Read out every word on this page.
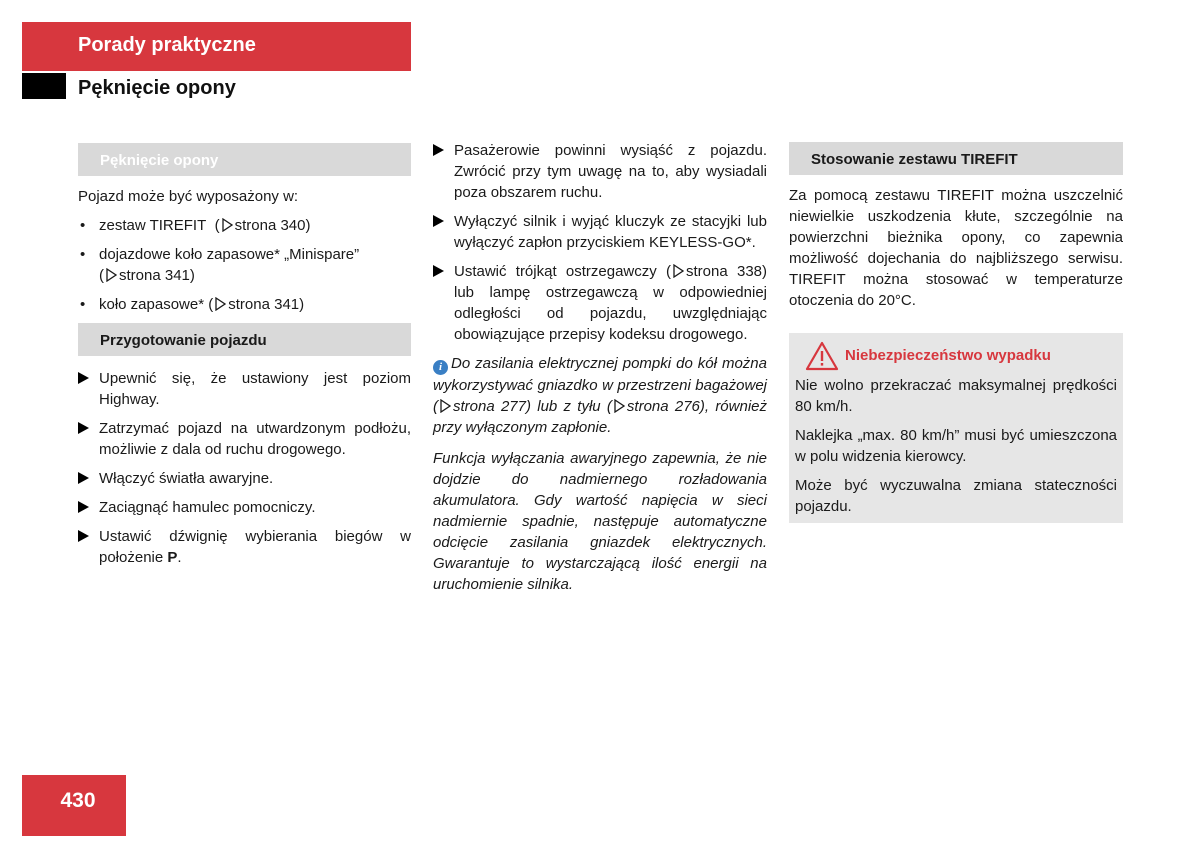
Porady praktyczne
Pęknięcie opony
Pęknięcie opony

Pojazd może być wyposażony w:

• zestaw TIREFIT ( strona 340)
• dojazdowe koło zapasowe* „Minispare”
( strona 341)
• koło zapasowe* ( strona 341)
Przygotowanie pojazdu
Upewnić się, że ustawiony jest poziom Highway.
Zatrzymać pojazd na utwardzonym podłożu, możliwie z dala od ruchu drogowego.
Włączyć światła awaryjne.
Zaciągnąć hamulec pomocniczy.
Ustawić dźwignię wybierania biegów w położenie P.
Pasażerowie powinni wysiąść z pojazdu. Zwrócić przy tym uwagę na to, aby wysiadali poza obszarem ruchu.
Wyłączyć silnik i wyjąć kluczyk ze stacyjki lub wyłączyć zapłon przyciskiem KEYLESS-GO*.
Ustawić trójkąt ostrzegawczy ( strona 338) lub lampę ostrzegawczą w odpowiedniej odległości od pojazdu, uwzględniając obowiązujące przepisy kodeksu drogowego.

i Do zasilania elektrycznej pompki do kół można wykorzystywać gniazdko w przestrzeni bagażowej ( strona 277) lub z tyłu ( strona 276), również przy wyłączonym zapłonie.

Funkcja wyłączania awaryjnego zapewnia, że nie dojdzie do nadmiernego rozładowania akumulatora. Gdy wartość napięcia w sieci nadmiernie spadnie, następuje automatyczne odcięcie zasilania gniazdek elektrycznych. Gwarantuje to wystarczającą ilość energii na uruchomienie silnika.

Stosowanie zestawu TIREFIT

Za pomocą zestawu TIREFIT można uszczelnić niewielkie uszkodzenia kłute, szczególnie na powierzchni bieżnika opony, co zapewnia możliwość dojechania do najbliższego serwisu. TIREFIT można stosować w temperaturze otoczenia do 20°C.

Niebezpieczeństwo wypadku

Nie wolno przekraczać maksymalnej prędkości 80 km/h.

Naklejka „max. 80 km/h” musi być umieszczona w polu widzenia kierowcy.

Może być wyczuwalna zmiana stateczności pojazdu.

430
